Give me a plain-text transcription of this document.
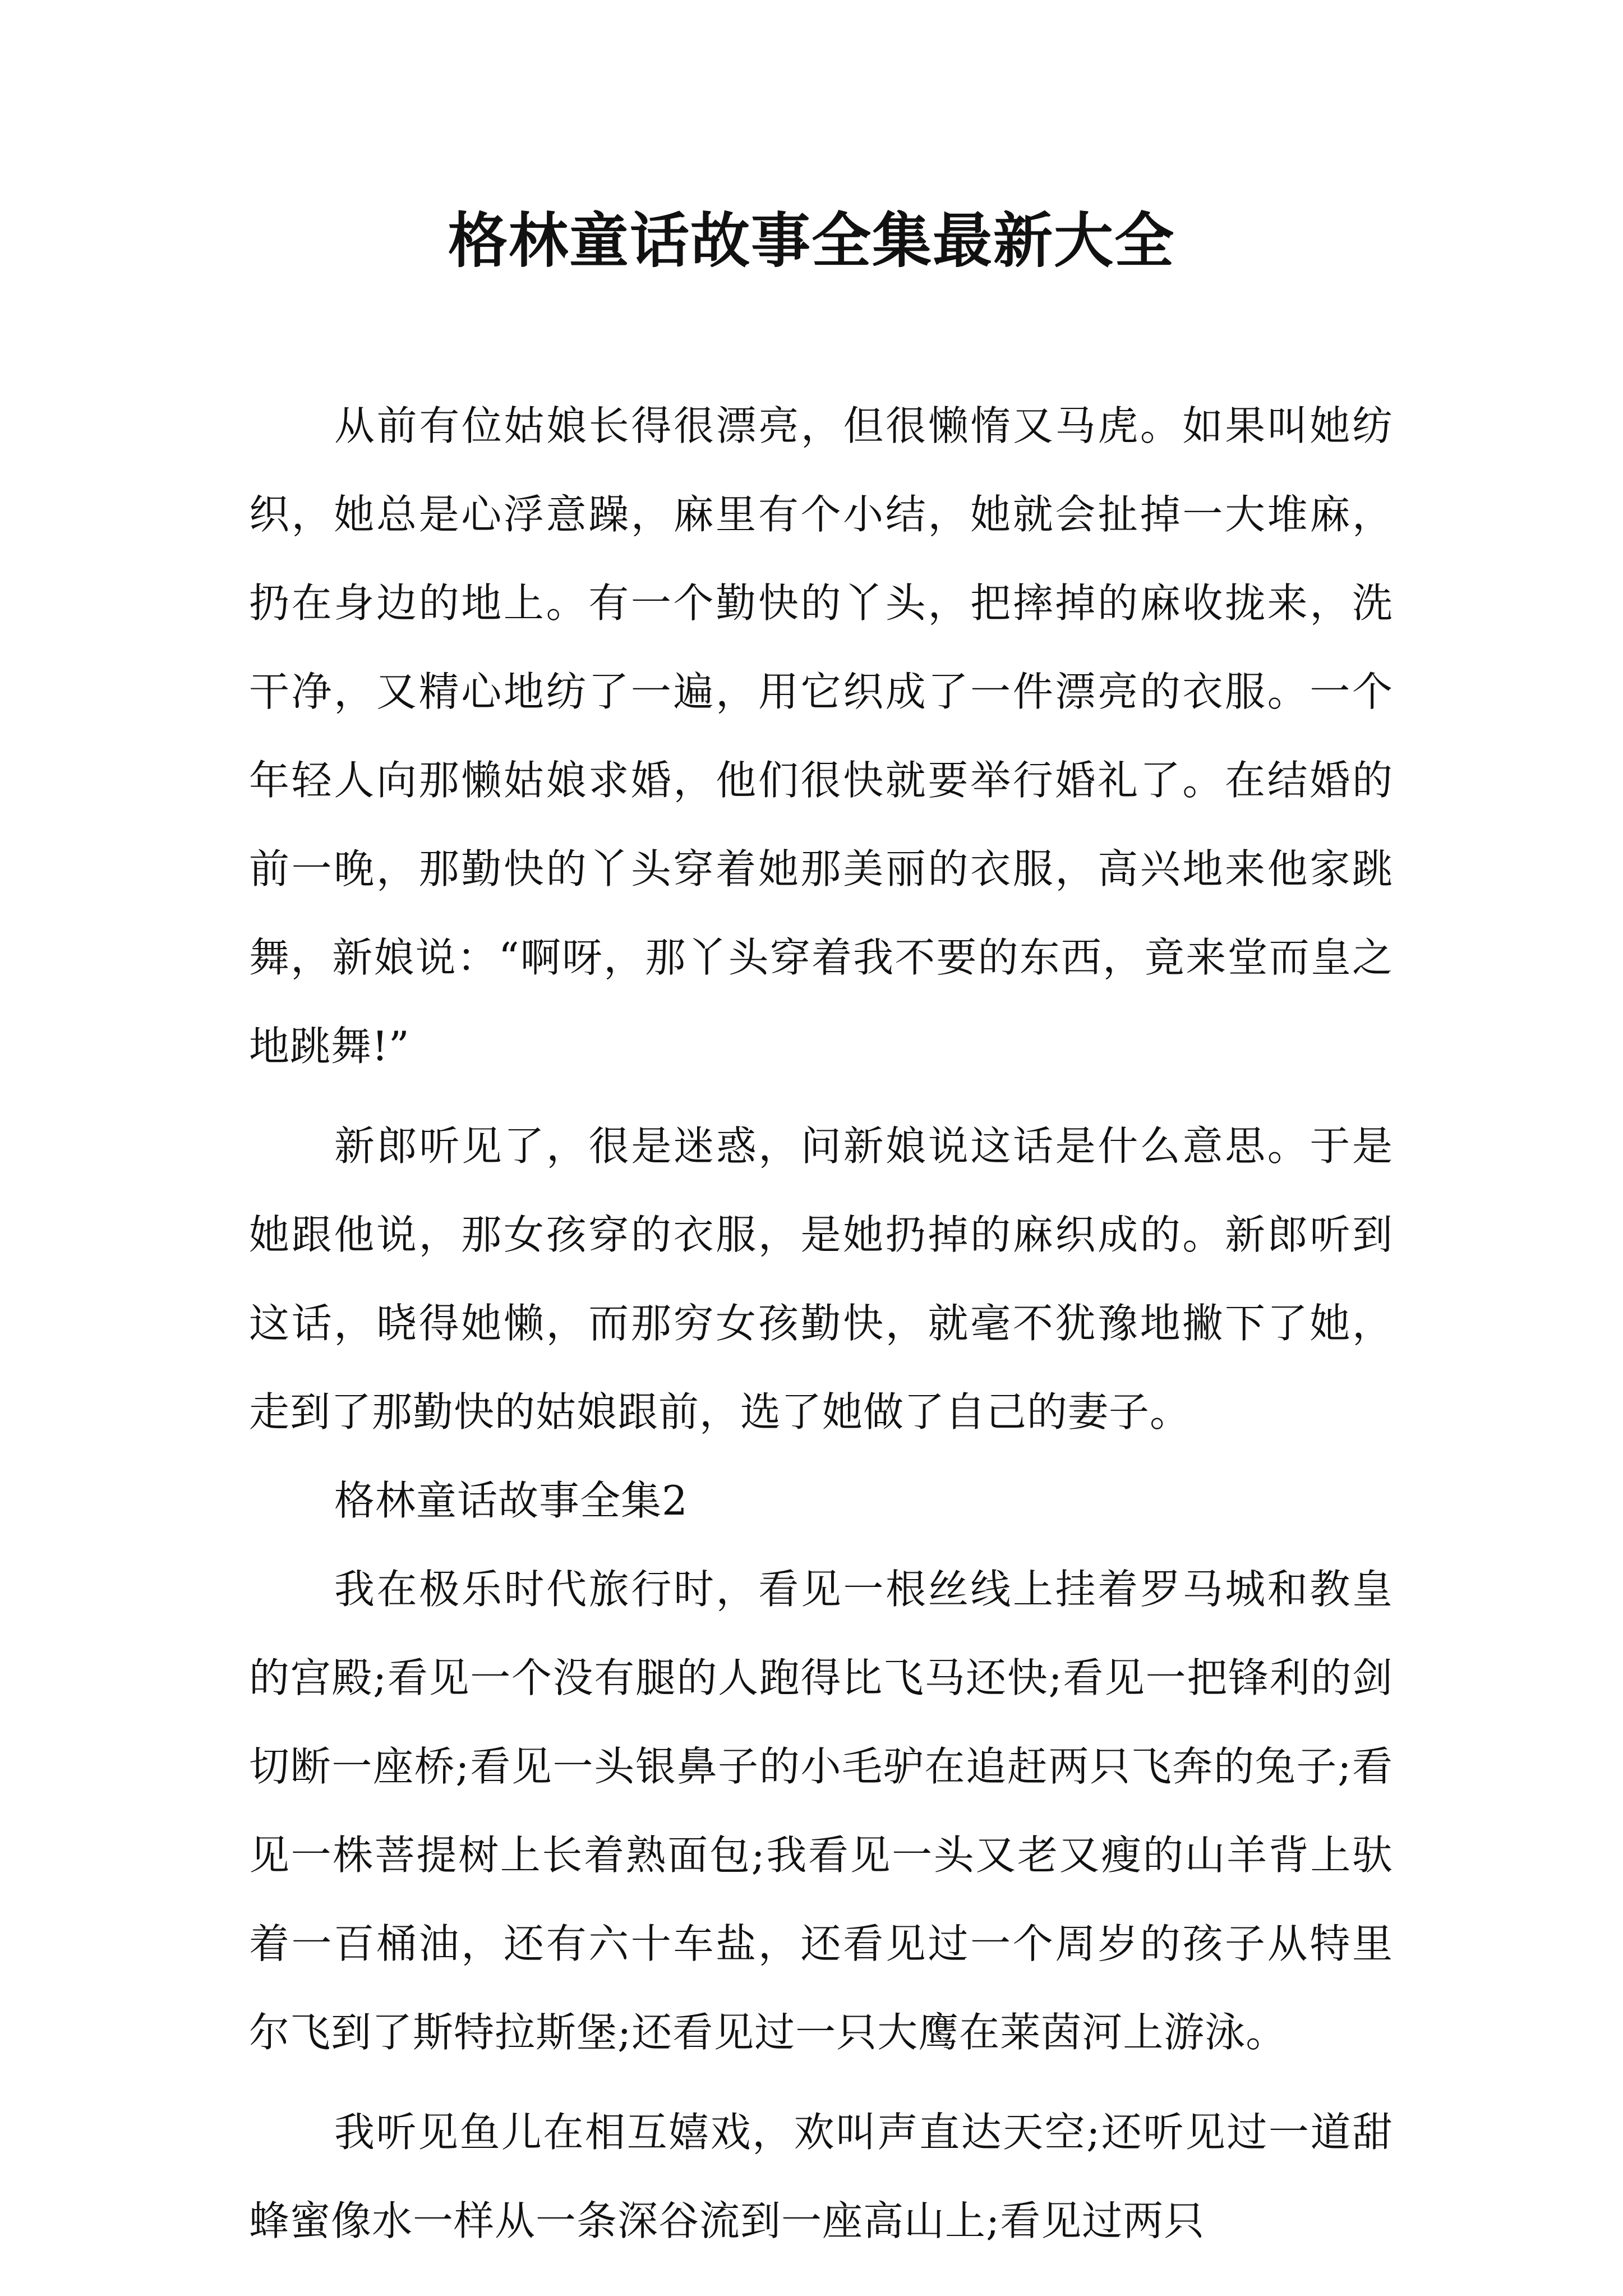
格林童话故事全集最新大全

从前有位姑娘长得很漂亮，但很懒惰又马虎。如果叫她纺织，她总是心浮意躁，麻里有个小结，她就会扯掉一大堆麻，扔在身边的地上。有一个勤快的丫头，把摔掉的麻收拢来，洗干净，又精心地纺了一遍，用它织成了一件漂亮的衣服。一个年轻人向那懒姑娘求婚，他们很快就要举行婚礼了。在结婚的前一晚，那勤快的丫头穿着她那美丽的衣服，高兴地来他家跳舞，新娘说：“啊呀，那丫头穿着我不要的东西，竟来堂而皇之地跳舞!”

新郎听见了，很是迷惑，问新娘说这话是什么意思。于是她跟他说，那女孩穿的衣服，是她扔掉的麻织成的。新郎听到这话，晓得她懒，而那穷女孩勤快，就毫不犹豫地撇下了她，走到了那勤快的姑娘跟前，选了她做了自己的妻子。

格林童话故事全集2

我在极乐时代旅行时，看见一根丝线上挂着罗马城和教皇的宫殿;看见一个没有腿的人跑得比飞马还快;看见一把锋利的剑切断一座桥;看见一头银鼻子的小毛驴在追赶两只飞奔的兔子;看见一株菩提树上长着熟面包;我看见一头又老又瘦的山羊背上驮着一百桶油，还有六十车盐，还看见过一个周岁的孩子从特里尔飞到了斯特拉斯堡;还看见过一只大鹰在莱茵河上游泳。

我听见鱼儿在相互嬉戏，欢叫声直达天空;还听见过一道甜蜂蜜像水一样从一条深谷流到一座高山上;看见过两只
